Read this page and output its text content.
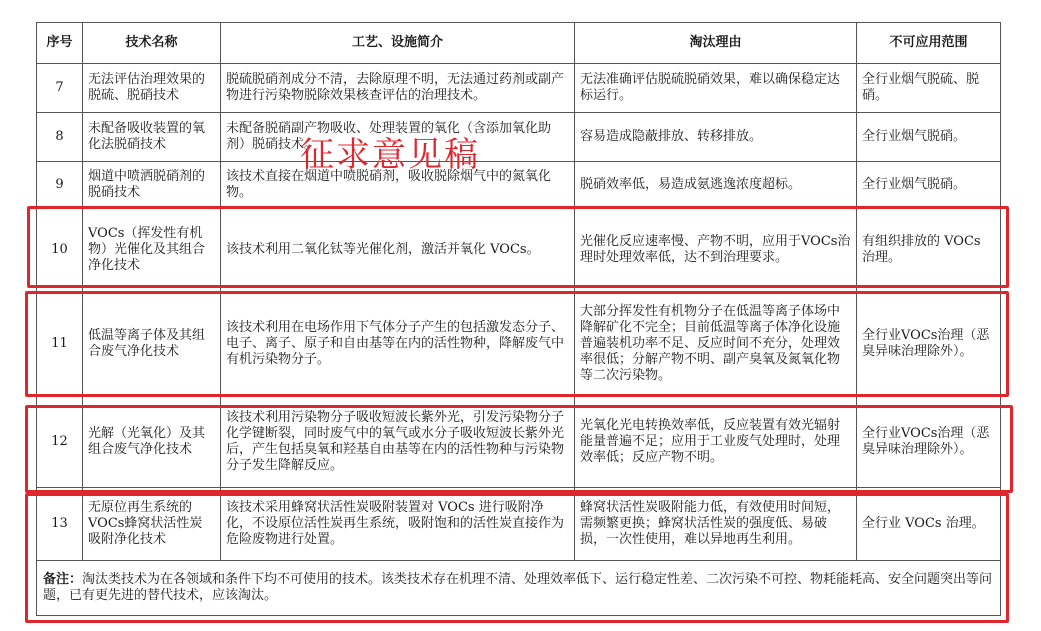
序号	技术名称	工艺、设施简介	淘汰理由	不可应用范围
7	无法评估治理效果的脱硫、脱硝技术	脱硫脱硝剂成分不清，去除原理不明，无法通过药剂或副产物进行污染物脱除效果核查评估的治理技术。	无法准确评估脱硫脱硝效果，难以确保稳定达标运行。	全行业烟气脱硫、脱硝。
8	未配备吸收装置的氧化法脱硝技术	未配备脱硝副产物吸收、处理装置的氧化（含添加氧化助剂）脱硝技术。	容易造成隐蔽排放、转移排放。	全行业烟气脱硝。
9	烟道中喷洒脱硝剂的脱硝技术	该技术直接在烟道中喷脱硝剂，吸收脱除烟气中的氮氧化物。	脱硝效率低，易造成氨逃逸浓度超标。	全行业烟气脱硝。
10	VOCs（挥发性有机物）光催化及其组合净化技术	该技术利用二氧化钛等光催化剂，激活并氧化 VOCs。	光催化反应速率慢、产物不明，应用于VOCs治理时处理效率低，达不到治理要求。	有组织排放的 VOCs 治理。
11	低温等离子体及其组合废气净化技术	该技术利用在电场作用下气体分子产生的包括激发态分子、电子、离子、原子和自由基等在内的活性物种，降解废气中有机污染物分子。	大部分挥发性有机物分子在低温等离子体场中降解矿化不完全；目前低温等离子体净化设施普遍装机功率不足、反应时间不充分，处理效率很低；分解产物不明、副产臭氧及氮氧化物等二次污染物。	全行业VOCs治理（恶臭异味治理除外）。
12	光解（光氧化）及其组合废气净化技术	该技术利用污染物分子吸收短波长紫外光，引发污染物分子化学键断裂，同时废气中的氧气或水分子吸收短波长紫外光后，产生包括臭氧和羟基自由基等在内的活性物种与污染物分子发生降解反应。	光氧化光电转换效率低，反应装置有效光辐射能量普遍不足；应用于工业废气处理时，处理效率低；反应产物不明。	全行业VOCs治理（恶臭异味治理除外）。
13	无原位再生系统的VOCs蜂窝状活性炭吸附净化技术	该技术采用蜂窝状活性炭吸附装置对 VOCs 进行吸附净化，不设原位活性炭再生系统，吸附饱和的活性炭直接作为危险废物进行处置。	蜂窝状活性炭吸附能力低，有效使用时间短，需频繁更换；蜂窝状活性炭的强度低、易破损，一次性使用，难以异地再生利用。	全行业 VOCs 治理。
备注：淘汰类技术为在各领域和条件下均不可使用的技术。该类技术存在机理不清、处理效率低下、运行稳定性差、二次污染不可控、物耗能耗高、安全问题突出等问题，已有更先进的替代技术，应该淘汰。				
征求意见稿
